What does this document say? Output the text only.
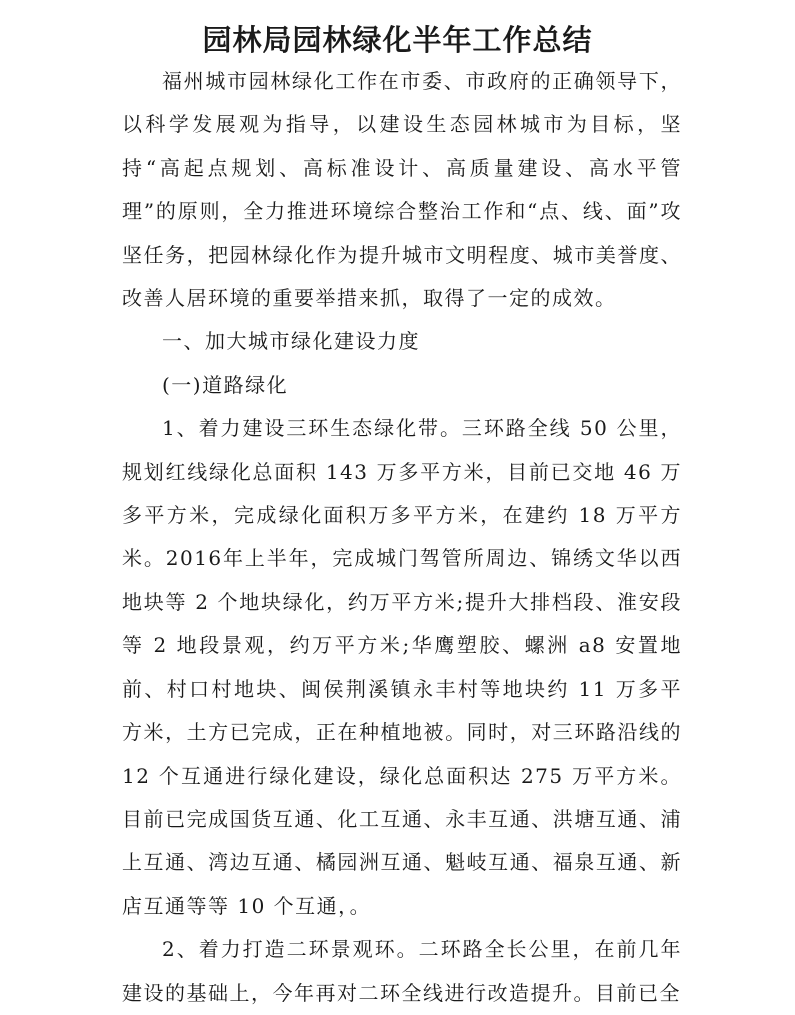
园林局园林绿化半年工作总结

福州城市园林绿化工作在市委、市政府的正确领导下，以科学发展观为指导，以建设生态园林城市为目标，坚持“高起点规划、高标准设计、高质量建设、高水平管理”的原则，全力推进环境综合整治工作和“点、线、面”攻坚任务，把园林绿化作为提升城市文明程度、城市美誉度、改善人居环境的重要举措来抓，取得了一定的成效。

一、加大城市绿化建设力度

(一)道路绿化

1、着力建设三环生态绿化带。三环路全线 50 公里，规划红线绿化总面积 143 万多平方米，目前已交地 46 万多平方米，完成绿化面积万多平方米，在建约 18 万平方米。2016年上半年，完成城门驾管所周边、锦绣文华以西地块等 2 个地块绿化，约万平方米;提升大排档段、淮安段等 2 地段景观，约万平方米;华鹰塑胶、螺洲 a8 安置地前、村口村地块、闽侯荆溪镇永丰村等地块约 11 万多平方米，土方已完成，正在种植地被。同时，对三环路沿线的 12 个互通进行绿化建设，绿化总面积达 275 万平方米。目前已完成国货互通、化工互通、永丰互通、洪塘互通、浦上互通、湾边互通、橘园洲互通、魁岐互通、福泉互通、新店互通等等 10 个互通，。

2、着力打造二环景观环。二环路全长公里，在前几年建设的基础上，今年再对二环全线进行改造提升。目前已全
